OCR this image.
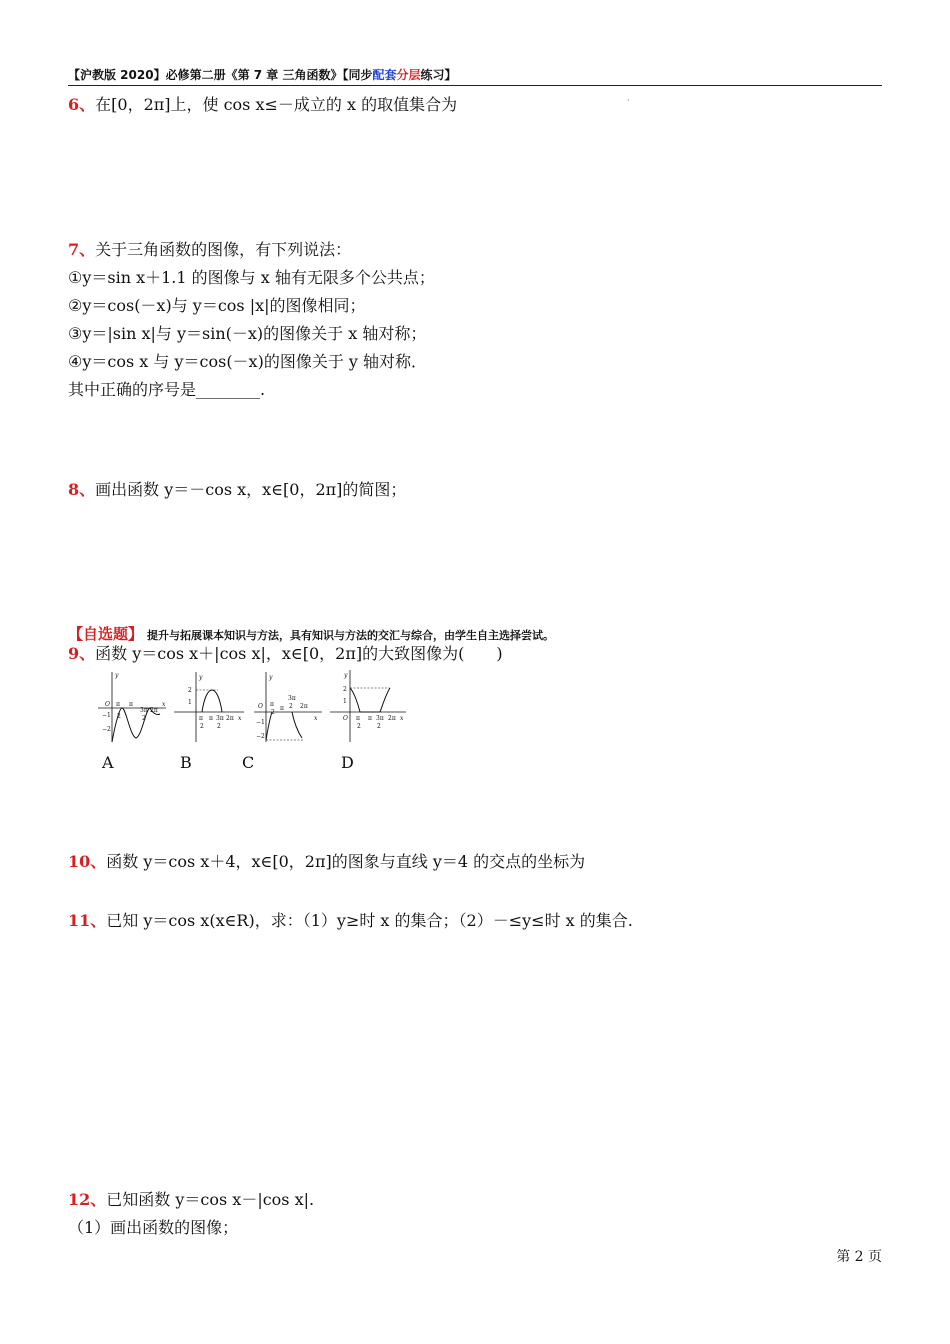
【沪教版 2020】必修第二册《第 7 章 三角函数》【同步配套分层练习】
·
6、在[0，2π]上，使 cos x≤－成立的 x 的取值集合为
7、关于三角函数的图像，有下列说法：
①y＝sin x＋1.1 的图像与 x 轴有无限多个公共点；
②y＝cos(－x)与 y＝cos |x|的图像相同；
③y＝|sin x|与 y＝sin(－x)的图像关于 x 轴对称；
④y＝cos x 与 y＝cos(－x)的图像关于 y 轴对称．
其中正确的序号是________.
8、画出函数 y＝－cos x，x∈[0，2π]的简图；
【自选题】 提升与拓展课本知识与方法，具有知识与方法的交汇与综合，由学生自主选择尝试。
9、函数 y＝cos x＋|cos x|，x∈[0，2π]的大致图像为(　　)
y
x
O
−1
−2
π
2
π
3π
2
2π
y
x
2
1
π
2
π 3π
2
2π
y
x
O
−1
−2
π
2
π
3π
2 2π
y
x
2
1
O π
2
π 3π
2
2π
A	B	C	D
10、函数 y＝cos x＋4，x∈[0，2π]的图象与直线 y＝4 的交点的坐标为
11、已知 y＝cos x(x∈R)，求：（1）y≥时 x 的集合；（2）－≤y≤时 x 的集合.
12、已知函数 y＝cos x－|cos x|.
（1）画出函数的图像；
第 2 页
